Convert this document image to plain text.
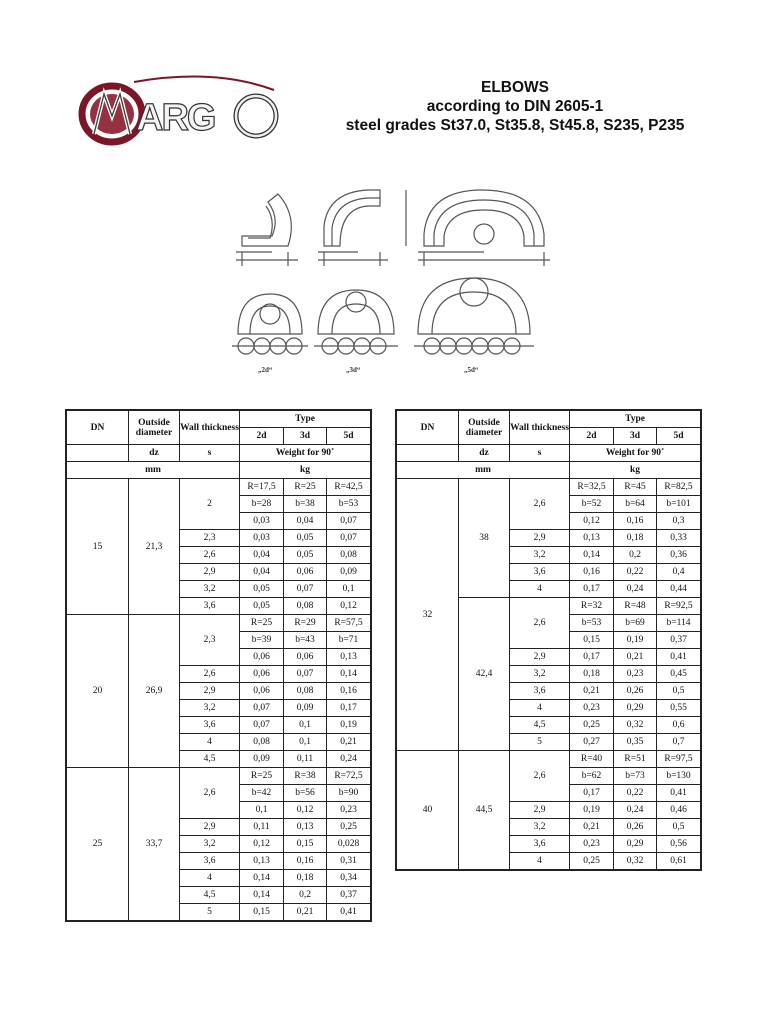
ARG
ELBOWS
according to DIN 2605-1
steel grades St37.0, St35.8, St45.8, S235, P235
„2d“	„3d“	„5d“
DN	Outside diameter	Wall thickness	Type		
			2d	3d	5d
	dz	s	Weight for 90˚		
mm			kg		
15	21,3	2	R=17,5	R=25	R=42,5
			b=28	b=38	b=53
			0,03	0,04	0,07
		2,3	0,03	0,05	0,07
		2,6	0,04	0,05	0,08
		2,9	0,04	0,06	0,09
		3,2	0,05	0,07	0,1
		3,6	0,05	0,08	0,12
20	26,9	2,3	R=25	R=29	R=57,5
			b=39	b=43	b=71
			0,06	0,06	0,13
		2,6	0,06	0,07	0,14
		2,9	0,06	0,08	0,16
		3,2	0,07	0,09	0,17
		3,6	0,07	0,1	0,19
		4	0,08	0,1	0,21
		4,5	0,09	0,11	0,24
25	33,7	2,6	R=25	R=38	R=72,5
			b=42	b=56	b=90
			0,1	0,12	0,23
		2,9	0,11	0,13	0,25
		3,2	0,12	0,15	0,028
		3,6	0,13	0,16	0,31
		4	0,14	0,18	0,34
		4,5	0,14	0,2	0,37
		5	0,15	0,21	0,41
DN	Outside diameter	Wall thickness	Type		
			2d	3d	5d
	dz	s	Weight for 90˚		
mm			kg		
32	38	2,6	R=32,5	R=45	R=82,5
			b=52	b=64	b=101
			0,12	0,16	0,3
		2,9	0,13	0,18	0,33
		3,2	0,14	0,2	0,36
		3,6	0,16	0,22	0,4
		4	0,17	0,24	0,44
	42,4	2,6	R=32	R=48	R=92,5
			b=53	b=69	b=114
			0,15	0,19	0,37
		2,9	0,17	0,21	0,41
		3,2	0,18	0,23	0,45
		3,6	0,21	0,26	0,5
		4	0,23	0,29	0,55
		4,5	0,25	0,32	0,6
		5	0,27	0,35	0,7
40	44,5	2,6	R=40	R=51	R=97,5
			b=62	b=73	b=130
			0,17	0,22	0,41
		2,9	0,19	0,24	0,46
		3,2	0,21	0,26	0,5
		3,6	0,23	0,29	0,56
		4	0,25	0,32	0,61
